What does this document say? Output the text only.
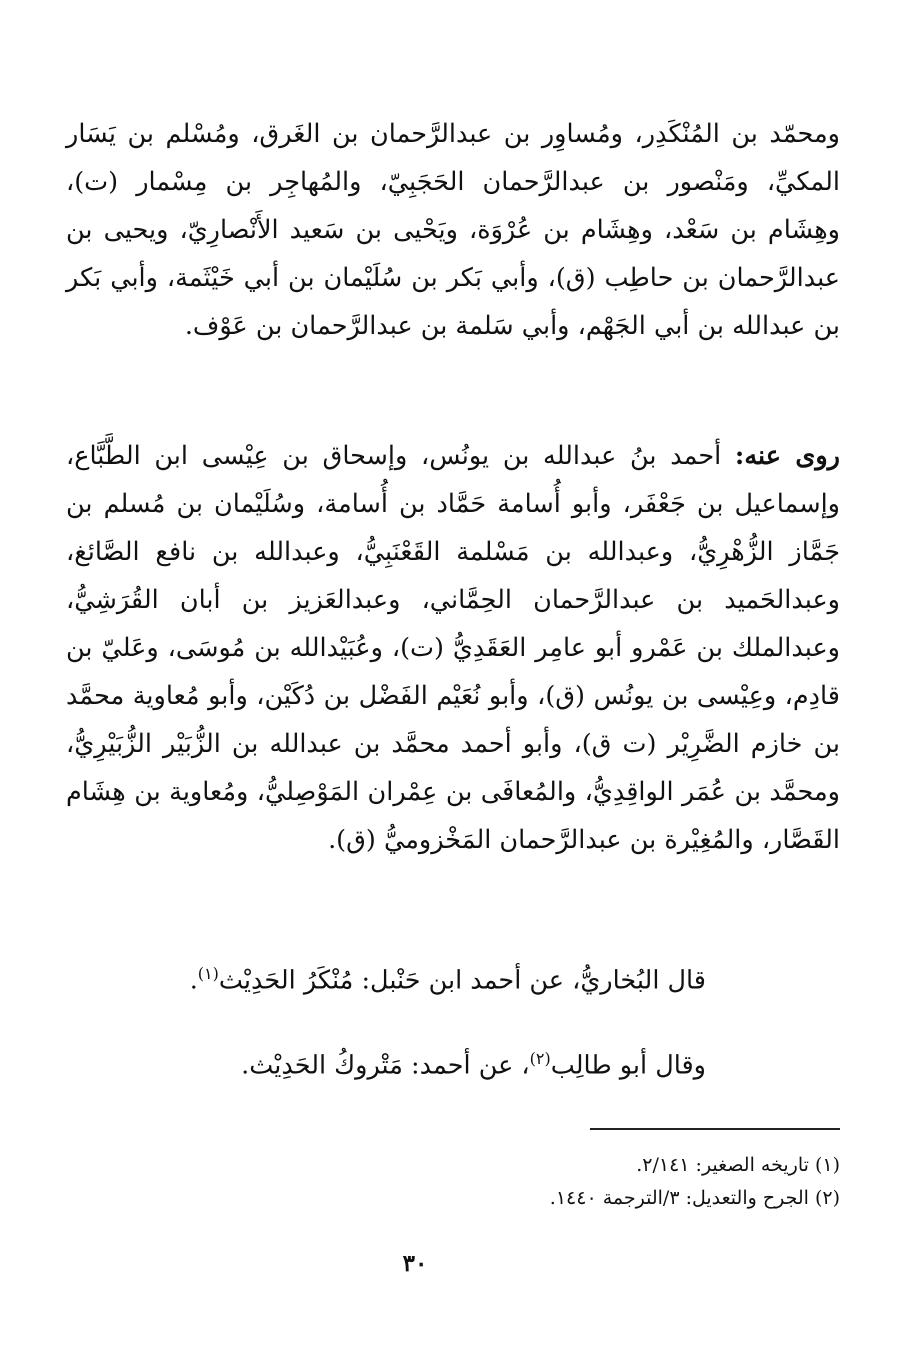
ومحمّد بن المُنْكَدِر، ومُساوِر بن عبدالرَّحمان بن الغَرق، ومُسْلم بن يَسَار المكيِّ، ومَنْصور بن عبدالرَّحمان الحَجَبِيّ، والمُهاجِر بن مِسْمار (ت)، وهِشَام بن سَعْد، وهِشَام بن عُرْوَة، ويَحْيى بن سَعيد الأَنْصارِيّ، ويحيى بن عبدالرَّحمان بن حاطِب (ق)، وأبي بَكر بن سُلَيْمان بن أبي خَيْثَمة، وأبي بَكر بن عبدالله بن أبي الجَهْم، وأبي سَلمة بن عبدالرَّحمان بن عَوْف.

روى عنه: أحمد بنُ عبدالله بن يونُس، وإسحاق بن عِيْسى ابن الطَّبَّاع، وإسماعيل بن جَعْفَر، وأبو أُسامة حَمَّاد بن أُسامة، وسُلَيْمان بن مُسلم بن جَمَّاز الزُّهْرِيُّ، وعبدالله بن مَسْلمة القَعْنَبِيُّ، وعبدالله بن نافع الصَّائغ، وعبدالحَميد بن عبدالرَّحمان الحِمَّاني، وعبدالعَزيز بن أبان القُرَشِيُّ، وعبدالملك بن عَمْرو أبو عامِر العَقَدِيُّ (ت)، وعُبَيْدالله بن مُوسَى، وعَليّ بن قادِم، وعِيْسى بن يونُس (ق)، وأبو نُعَيْم الفَضْل بن دُكَيْن، وأبو مُعاوية محمَّد بن خازم الضَّرِيْر (ت ق)، وأبو أحمد محمَّد بن عبدالله بن الزُّبَيْر الزُّبَيْرِيُّ، ومحمَّد بن عُمَر الواقِدِيُّ، والمُعافَى بن عِمْران المَوْصِليُّ، ومُعاوية بن هِشَام القَصَّار، والمُغِيْرة بن عبدالرَّحمان المَخْزوميُّ (ق).

قال البُخاريُّ، عن أحمد ابن حَنْبل: مُنْكَرُ الحَدِيْث$^{(١)}$.

وقال أبو طالِب$^{(٢)}$، عن أحمد: مَتْروكُ الحَدِيْث.

(١) تاريخه الصغير: ٢/١٤١.

(٢) الجرح والتعديل: ٣/الترجمة ١٤٤٠.

٣٠
